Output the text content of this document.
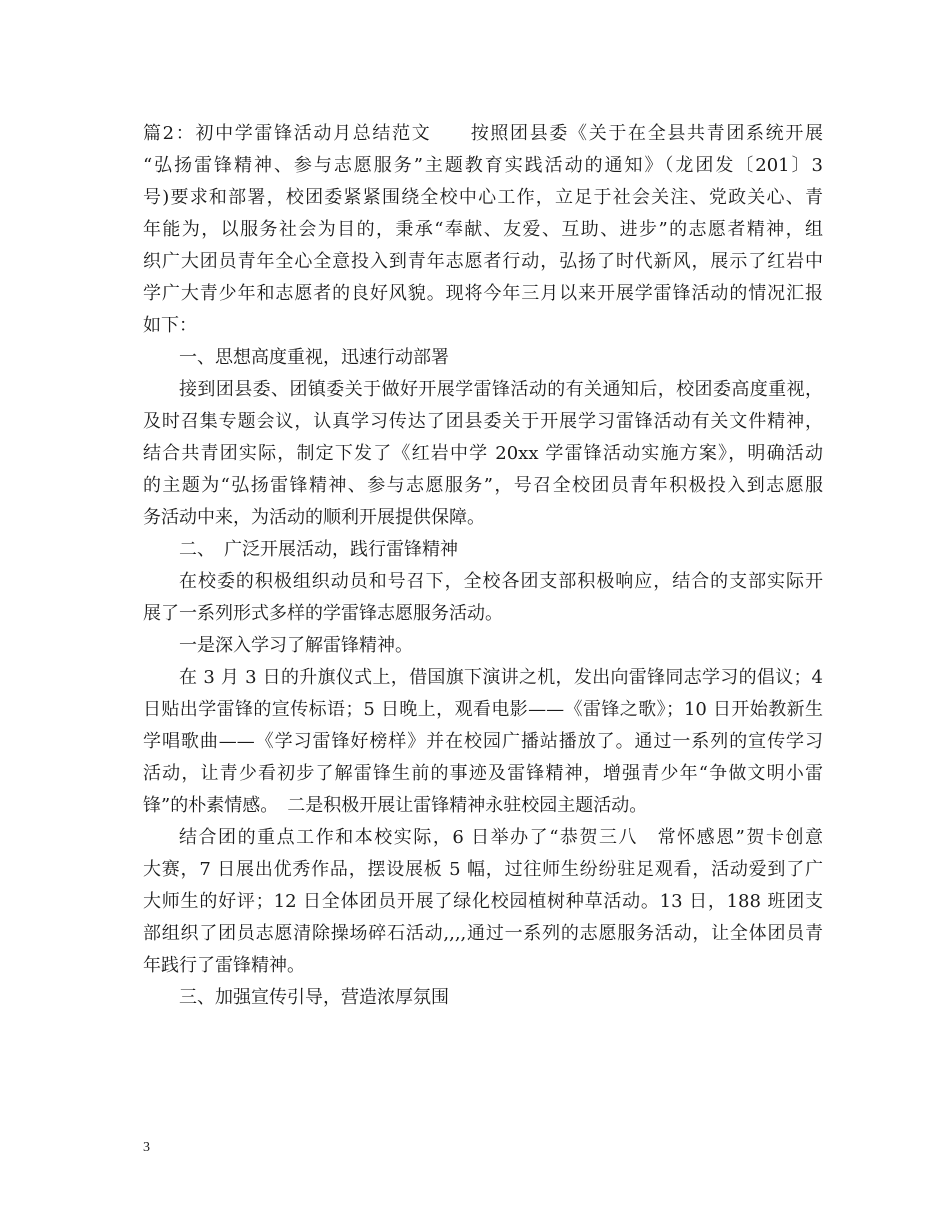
篇2：初中学雷锋活动月总结范文　　按照团县委《关于在全县共青团系统开展
“弘扬雷锋精神、参与志愿服务”主题教育实践活动的通知》（龙团发〔201〕3
号)要求和部署，校团委紧紧围绕全校中心工作，立足于社会关注、党政关心、青
年能为，以服务社会为目的，秉承“奉献、友爱、互助、进步”的志愿者精神，组
织广大团员青年全心全意投入到青年志愿者行动，弘扬了时代新风，展示了红岩中
学广大青少年和志愿者的良好风貌。现将今年三月以来开展学雷锋活动的情况汇报
如下：
一、思想高度重视，迅速行动部署
接到团县委、团镇委关于做好开展学雷锋活动的有关通知后，校团委高度重视，
及时召集专题会议，认真学习传达了团县委关于开展学习雷锋活动有关文件精神，
结合共青团实际，制定下发了《红岩中学 20xx 学雷锋活动实施方案》，明确活动
的主题为“弘扬雷锋精神、参与志愿服务”，号召全校团员青年积极投入到志愿服
务活动中来，为活动的顺利开展提供保障。
二、　广泛开展活动，践行雷锋精神
在校委的积极组织动员和号召下，全校各团支部积极响应，结合的支部实际开
展了一系列形式多样的学雷锋志愿服务活动。
一是深入学习了解雷锋精神。
在 3 月 3 日的升旗仪式上，借国旗下演讲之机，发出向雷锋同志学习的倡议；4
日贴出学雷锋的宣传标语；5 日晚上，观看电影——《雷锋之歌》；10 日开始教新生
学唱歌曲——《学习雷锋好榜样》并在校园广播站播放了。通过一系列的宣传学习
活动，让青少看初步了解雷锋生前的事迹及雷锋精神，增强青少年“争做文明小雷
锋”的朴素情感。　二是积极开展让雷锋精神永驻校园主题活动。
结合团的重点工作和本校实际，6 日举办了“恭贺三八　常怀感恩”贺卡创意
大赛，7 日展出优秀作品，摆设展板 5 幅，过往师生纷纷驻足观看，活动爱到了广
大师生的好评；12 日全体团员开展了绿化校园植树种草活动。13 日，188 班团支
部组织了团员志愿清除操场碎石活动,,,,通过一系列的志愿服务活动，让全体团员青
年践行了雷锋精神。
三、加强宣传引导，营造浓厚氛围
3
